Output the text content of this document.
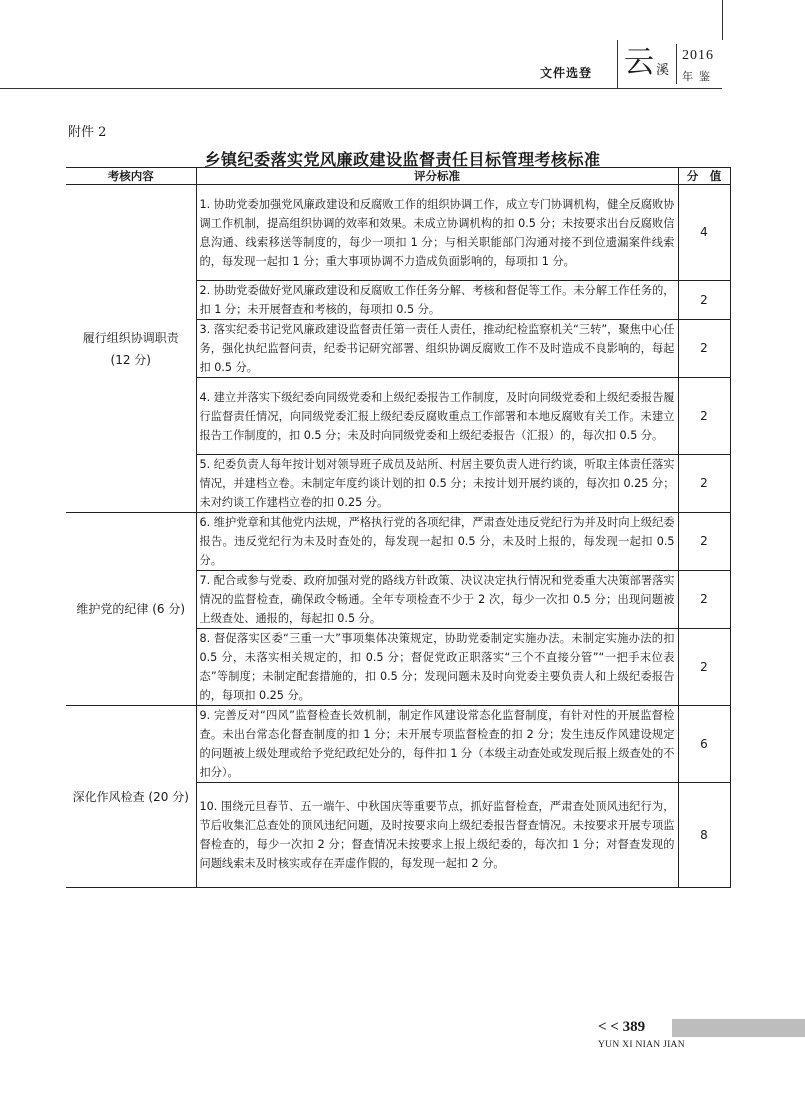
文件选登 云 溪
2016
年鉴
附件 2
乡镇纪委落实党风廉政建设监督责任目标管理考核标准
考核内容	评分标准	分　值
履行组织协调职责
(12 分)	1. 协助党委加强党风廉政建设和反腐败工作的组织协调工作，成立专门协调机构，健全反腐败协调工作机制，提高组织协调的效率和效果。未成立协调机构的扣 0.5 分；未按要求出台反腐败信息沟通、线索移送等制度的，每少一项扣 1 分；与相关职能部门沟通对接不到位遗漏案件线索的，每发现一起扣 1 分；重大事项协调不力造成负面影响的，每项扣 1 分。	4
	2. 协助党委做好党风廉政建设和反腐败工作任务分解、考核和督促等工作。未分解工作任务的，扣 1 分；未开展督查和考核的，每项扣 0.5 分。	2
	3. 落实纪委书记党风廉政建设监督责任第一责任人责任，推动纪检监察机关“三转”，聚焦中心任务，强化执纪监督问责，纪委书记研究部署、组织协调反腐败工作不及时造成不良影响的，每起扣 0.5 分。	2
	4. 建立并落实下级纪委向同级党委和上级纪委报告工作制度，及时向同级党委和上级纪委报告履行监督责任情况，向同级党委汇报上级纪委反腐败重点工作部署和本地反腐败有关工作。未建立报告工作制度的，扣 0.5 分；未及时向同级党委和上级纪委报告（汇报）的，每次扣 0.5 分。	2
	5. 纪委负责人每年按计划对领导班子成员及站所、村居主要负责人进行约谈，听取主体责任落实情况，并建档立卷。未制定年度约谈计划的扣 0.5 分；未按计划开展约谈的，每次扣 0.25 分；未对约谈工作建档立卷的扣 0.25 分。	2
维护党的纪律 (6 分)	6. 维护党章和其他党内法规，严格执行党的各项纪律，严肃查处违反党纪行为并及时向上级纪委报告。违反党纪行为未及时查处的，每发现一起扣 0.5 分，未及时上报的，每发现一起扣 0.5 分。	2
	7. 配合或参与党委、政府加强对党的路线方针政策、决议决定执行情况和党委重大决策部署落实情况的监督检查，确保政令畅通。全年专项检查不少于 2 次，每少一次扣 0.5 分；出现问题被上级查处、通报的，每起扣 0.5 分。	2
	8. 督促落实区委“三重一大”事项集体决策规定，协助党委制定实施办法。未制定实施办法的扣 0.5 分，未落实相关规定的，扣 0.5 分；督促党政正职落实“三个不直接分管”“一把手末位表态”等制度；未制定配套措施的，扣 0.5 分；发现问题未及时向党委主要负责人和上级纪委报告的，每项扣 0.25 分。	2
深化作风检查 (20 分)	9. 完善反对“四风”监督检查长效机制，制定作风建设常态化监督制度，有针对性的开展监督检查。未出台常态化督查制度的扣 1 分；未开展专项监督检查的扣 2 分；发生违反作风建设规定的问题被上级处理或给予党纪政纪处分的，每件扣 1 分（本级主动查处或发现后报上级查处的不扣分）。	6
	10. 围绕元旦春节、五一端午、中秋国庆等重要节点，抓好监督检查，严肃查处顶风违纪行为，节后收集汇总查处的顶风违纪问题，及时按要求向上级纪委报告督查情况。未按要求开展专项监督检查的，每少一次扣 2 分；督查情况未按要求上报上级纪委的，每次扣 1 分；对督查发现的问题线索未及时核实或存在弄虚作假的，每发现一起扣 2 分。	8
< < 389
YUN XI NIAN JIAN
